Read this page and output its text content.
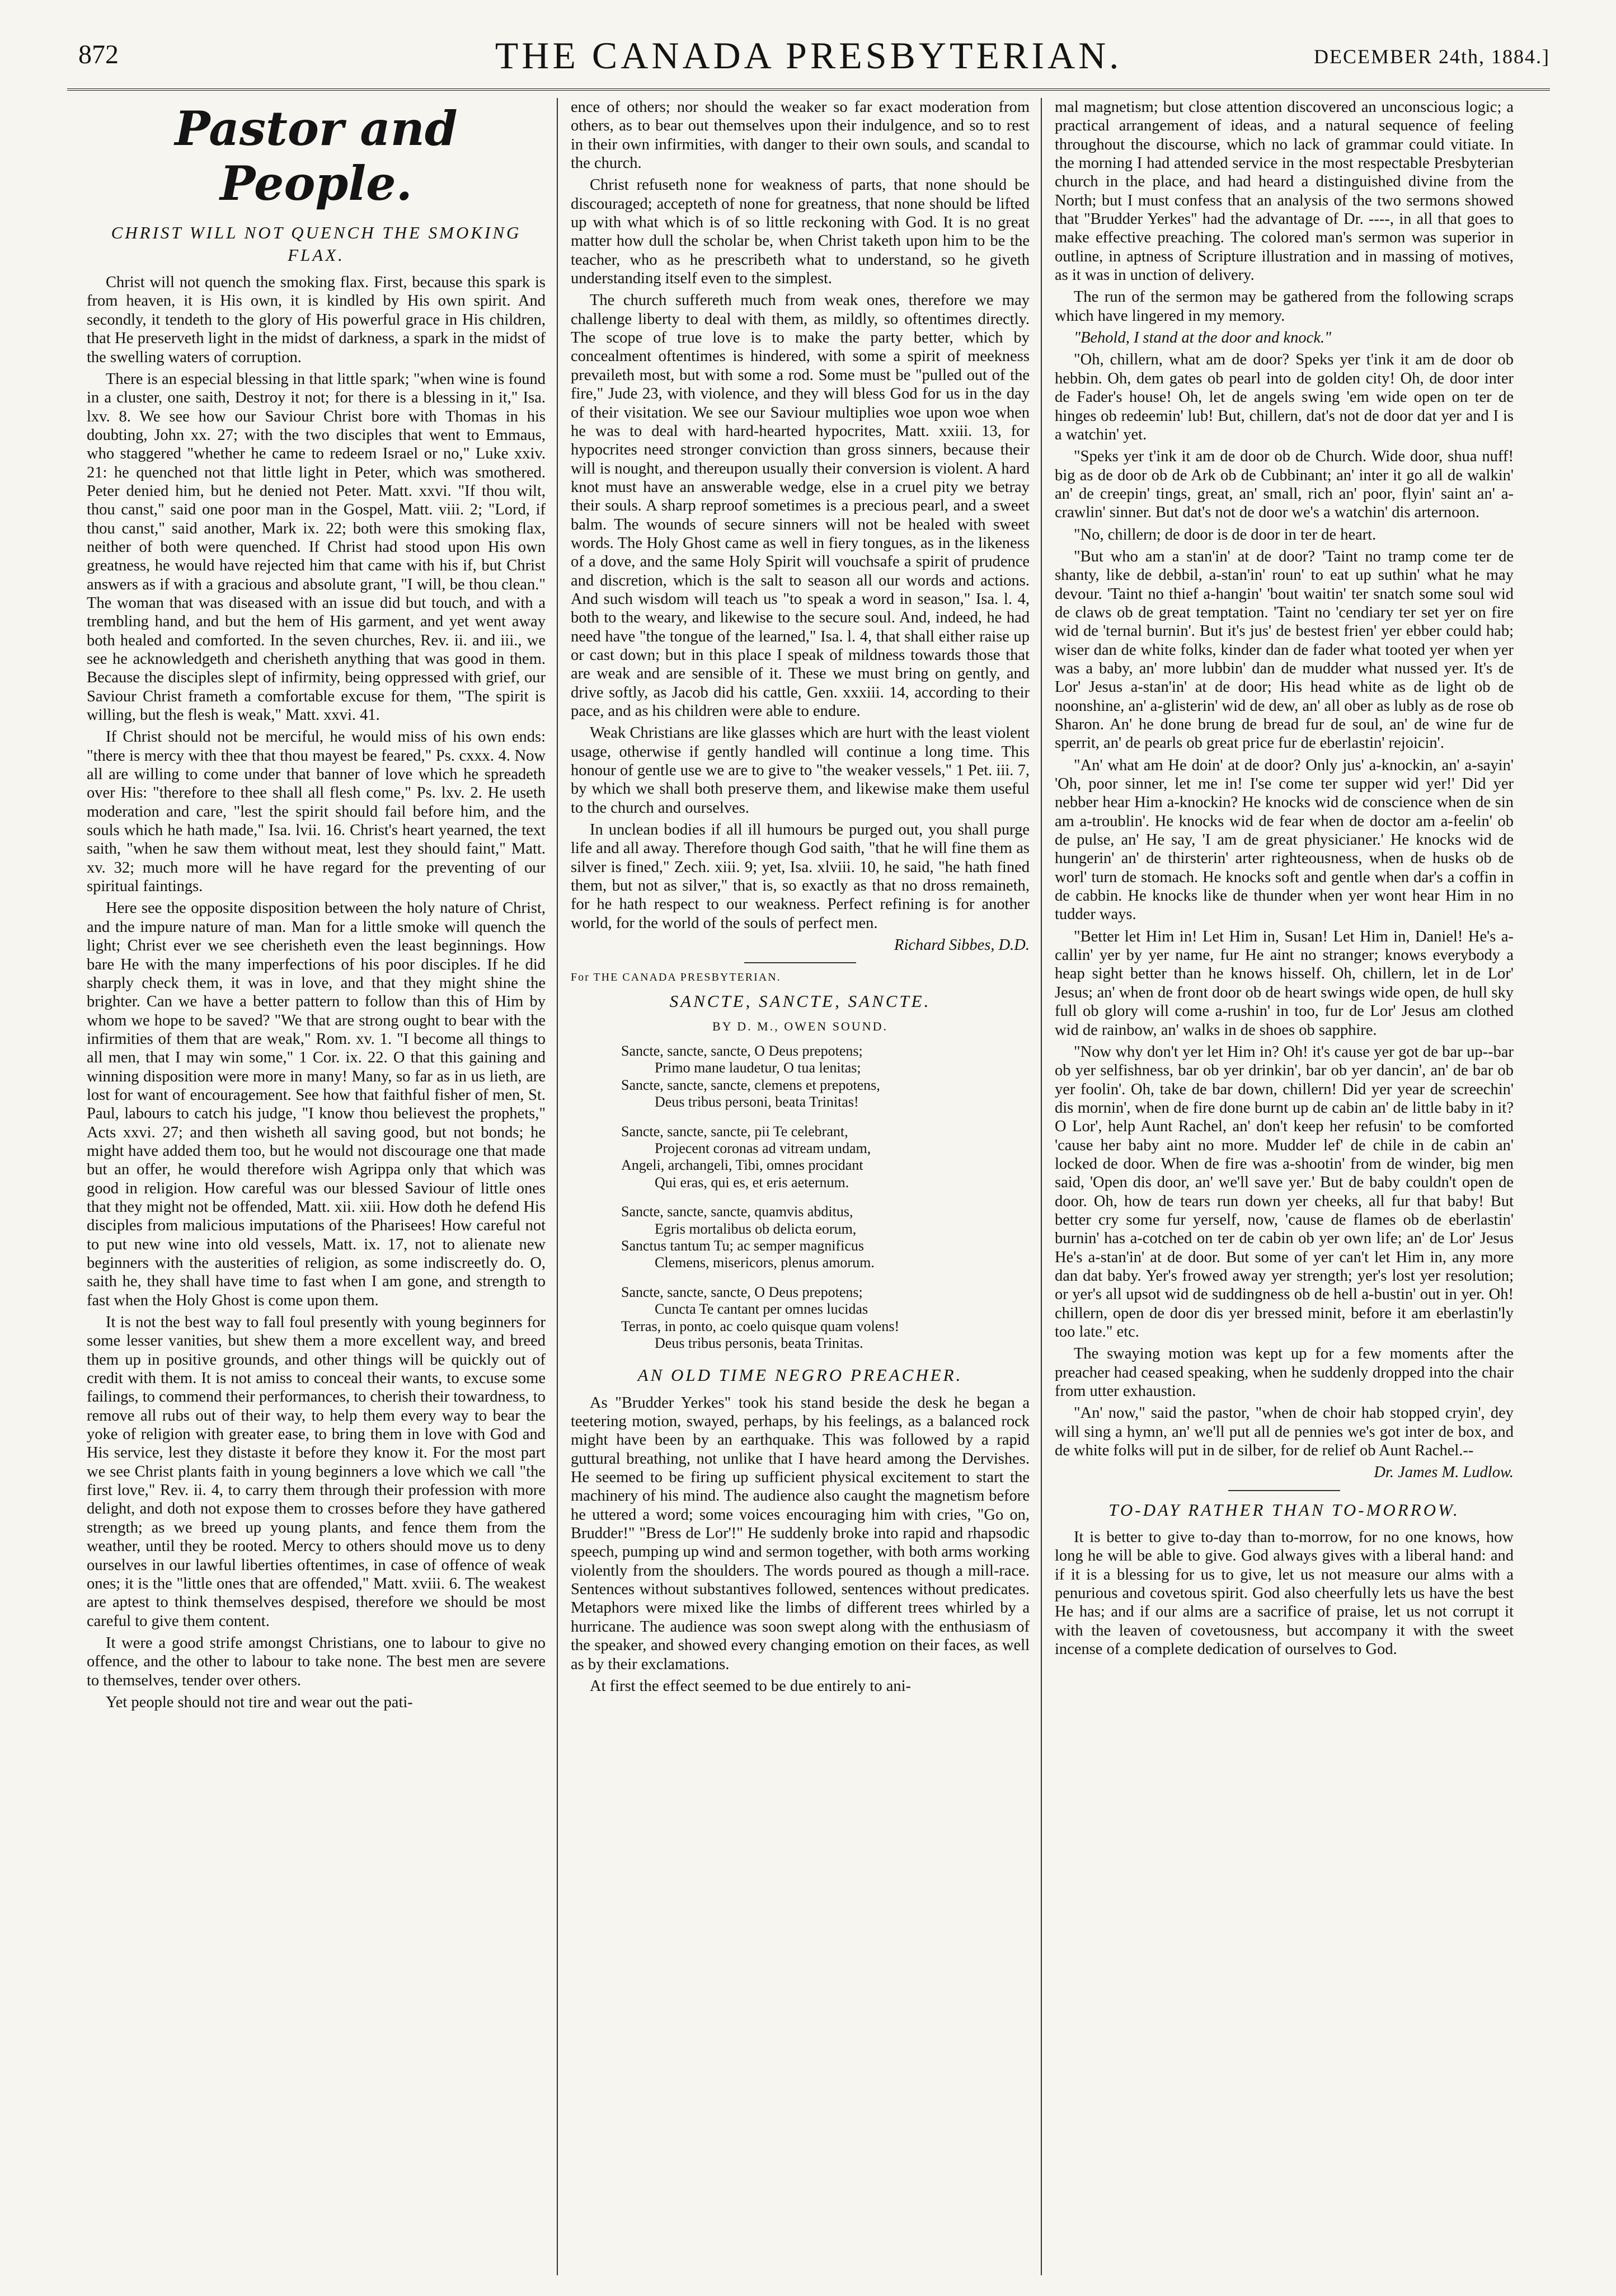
872	THE CANADA PRESBYTERIAN.	DECEMBER 24th, 1884.]
Pastor and People.
CHRIST WILL NOT QUENCH THE SMOKING FLAX.

Christ will not quench the smoking flax. First, because this spark is from heaven, it is His own, it is kindled by His own spirit. And secondly, it tendeth to the glory of His powerful grace in His children, that He preserveth light in the midst of darkness, a spark in the midst of the swelling waters of corruption.

There is an especial blessing in that little spark; "when wine is found in a cluster, one saith, Destroy it not; for there is a blessing in it," Isa. lxv. 8. We see how our Saviour Christ bore with Thomas in his doubting, John xx. 27; with the two disciples that went to Emmaus, who staggered "whether he came to redeem Israel or no," Luke xxiv. 21: he quenched not that little light in Peter, which was smothered. Peter denied him, but he denied not Peter. Matt. xxvi. "If thou wilt, thou canst," said one poor man in the Gospel, Matt. viii. 2; "Lord, if thou canst," said another, Mark ix. 22; both were this smoking flax, neither of both were quenched. If Christ had stood upon His own greatness, he would have rejected him that came with his if, but Christ answers as if with a gracious and absolute grant, "I will, be thou clean." The woman that was diseased with an issue did but touch, and with a trembling hand, and but the hem of His garment, and yet went away both healed and comforted. In the seven churches, Rev. ii. and iii., we see he acknowledgeth and cherisheth anything that was good in them. Because the disciples slept of infirmity, being oppressed with grief, our Saviour Christ frameth a comfortable excuse for them, "The spirit is willing, but the flesh is weak," Matt. xxvi. 41.

If Christ should not be merciful, he would miss of his own ends: "there is mercy with thee that thou mayest be feared," Ps. cxxx. 4. Now all are willing to come under that banner of love which he spreadeth over His: "therefore to thee shall all flesh come," Ps. lxv. 2. He useth moderation and care, "lest the spirit should fail before him, and the souls which he hath made," Isa. lvii. 16. Christ's heart yearned, the text saith, "when he saw them without meat, lest they should faint," Matt. xv. 32; much more will he have regard for the preventing of our spiritual faintings.

Here see the opposite disposition between the holy nature of Christ, and the impure nature of man. Man for a little smoke will quench the light; Christ ever we see cherisheth even the least beginnings. How bare He with the many imperfections of his poor disciples. If he did sharply check them, it was in love, and that they might shine the brighter. Can we have a better pattern to follow than this of Him by whom we hope to be saved? "We that are strong ought to bear with the infirmities of them that are weak," Rom. xv. 1. "I become all things to all men, that I may win some," 1 Cor. ix. 22. O that this gaining and winning disposition were more in many! Many, so far as in us lieth, are lost for want of encouragement. See how that faithful fisher of men, St. Paul, labours to catch his judge, "I know thou believest the prophets," Acts xxvi. 27; and then wisheth all saving good, but not bonds; he might have added them too, but he would not discourage one that made but an offer, he would therefore wish Agrippa only that which was good in religion. How careful was our blessed Saviour of little ones that they might not be offended, Matt. xii. xiii. How doth he defend His disciples from malicious imputations of the Pharisees! How careful not to put new wine into old vessels, Matt. ix. 17, not to alienate new beginners with the austerities of religion, as some indiscreetly do. O, saith he, they shall have time to fast when I am gone, and strength to fast when the Holy Ghost is come upon them.

It is not the best way to fall foul presently with young beginners for some lesser vanities, but shew them a more excellent way, and breed them up in positive grounds, and other things will be quickly out of credit with them. It is not amiss to conceal their wants, to excuse some failings, to commend their performances, to cherish their towardness, to remove all rubs out of their way, to help them every way to bear the yoke of religion with greater ease, to bring them in love with God and His service, lest they distaste it before they know it. For the most part we see Christ plants faith in young beginners a love which we call "the first love," Rev. ii. 4, to carry them through their profession with more delight, and doth not expose them to crosses before they have gathered strength; as we breed up young plants, and fence them from the weather, until they be rooted. Mercy to others should move us to deny ourselves in our lawful liberties oftentimes, in case of offence of weak ones; it is the "little ones that are offended," Matt. xviii. 6. The weakest are aptest to think themselves despised, therefore we should be most careful to give them content.

It were a good strife amongst Christians, one to labour to give no offence, and the other to labour to take none. The best men are severe to themselves, tender over others.

Yet people should not tire and wear out the pati-

ence of others; nor should the weaker so far exact moderation from others, as to bear out themselves upon their indulgence, and so to rest in their own infirmities, with danger to their own souls, and scandal to the church.

Christ refuseth none for weakness of parts, that none should be discouraged; accepteth of none for greatness, that none should be lifted up with what which is of so little reckoning with God. It is no great matter how dull the scholar be, when Christ taketh upon him to be the teacher, who as he prescribeth what to understand, so he giveth understanding itself even to the simplest.

The church suffereth much from weak ones, therefore we may challenge liberty to deal with them, as mildly, so oftentimes directly. The scope of true love is to make the party better, which by concealment oftentimes is hindered, with some a spirit of meekness prevaileth most, but with some a rod. Some must be "pulled out of the fire," Jude 23, with violence, and they will bless God for us in the day of their visitation. We see our Saviour multiplies woe upon woe when he was to deal with hard-hearted hypocrites, Matt. xxiii. 13, for hypocrites need stronger conviction than gross sinners, because their will is nought, and thereupon usually their conversion is violent. A hard knot must have an answerable wedge, else in a cruel pity we betray their souls. A sharp reproof sometimes is a precious pearl, and a sweet balm. The wounds of secure sinners will not be healed with sweet words. The Holy Ghost came as well in fiery tongues, as in the likeness of a dove, and the same Holy Spirit will vouchsafe a spirit of prudence and discretion, which is the salt to season all our words and actions. And such wisdom will teach us "to speak a word in season," Isa. l. 4, both to the weary, and likewise to the secure soul. And, indeed, he had need have "the tongue of the learned," Isa. l. 4, that shall either raise up or cast down; but in this place I speak of mildness towards those that are weak and are sensible of it. These we must bring on gently, and drive softly, as Jacob did his cattle, Gen. xxxiii. 14, according to their pace, and as his children were able to endure.

Weak Christians are like glasses which are hurt with the least violent usage, otherwise if gently handled will continue a long time. This honour of gentle use we are to give to "the weaker vessels," 1 Pet. iii. 7, by which we shall both preserve them, and likewise make them useful to the church and ourselves.

In unclean bodies if all ill humours be purged out, you shall purge life and all away. Therefore though God saith, "that he will fine them as silver is fined," Zech. xiii. 9; yet, Isa. xlviii. 10, he said, "he hath fined them, but not as silver," that is, so exactly as that no dross remaineth, for he hath respect to our weakness. Perfect refining is for another world, for the world of the souls of perfect men.

Richard Sibbes, D.D.
For THE CANADA PRESBYTERIAN.
SANCTE, SANCTE, SANCTE.
BY D. M., OWEN SOUND.
Sancte, sancte, sancte, O Deus prepotens;
Primo mane laudetur, O tua lenitas;
Sancte, sancte, sancte, clemens et prepotens,
Deus tribus personi, beata Trinitas!
Sancte, sancte, sancte, pii Te celebrant,
Projecent coronas ad vitream undam,
Angeli, archangeli, Tibi, omnes procidant
Qui eras, qui es, et eris aeternum.
Sancte, sancte, sancte, quamvis abditus,
Egris mortalibus ob delicta eorum,
Sanctus tantum Tu; ac semper magnificus
Clemens, misericors, plenus amorum.
Sancte, sancte, sancte, O Deus prepotens;
Cuncta Te cantant per omnes lucidas
Terras, in ponto, ac coelo quisque quam volens!
Deus tribus personis, beata Trinitas.
AN OLD TIME NEGRO PREACHER.

As "Brudder Yerkes" took his stand beside the desk he began a teetering motion, swayed, perhaps, by his feelings, as a balanced rock might have been by an earthquake. This was followed by a rapid guttural breathing, not unlike that I have heard among the Dervishes. He seemed to be firing up sufficient physical excitement to start the machinery of his mind. The audience also caught the magnetism before he uttered a word; some voices encouraging him with cries, "Go on, Brudder!" "Bress de Lor'!" He suddenly broke into rapid and rhapsodic speech, pumping up wind and sermon together, with both arms working violently from the shoulders. The words poured as though a mill-race. Sentences without substantives followed, sentences without predicates. Metaphors were mixed like the limbs of different trees whirled by a hurricane. The audience was soon swept along with the enthusiasm of the speaker, and showed every changing emotion on their faces, as well as by their exclamations.

At first the effect seemed to be due entirely to ani-

mal magnetism; but close attention discovered an unconscious logic; a practical arrangement of ideas, and a natural sequence of feeling throughout the discourse, which no lack of grammar could vitiate. In the morning I had attended service in the most respectable Presbyterian church in the place, and had heard a distinguished divine from the North; but I must confess that an analysis of the two sermons showed that "Brudder Yerkes" had the advantage of Dr. ----, in all that goes to make effective preaching. The colored man's sermon was superior in outline, in aptness of Scripture illustration and in massing of motives, as it was in unction of delivery.

The run of the sermon may be gathered from the following scraps which have lingered in my memory.

"Behold, I stand at the door and knock."

"Oh, chillern, what am de door? Speks yer t'ink it am de door ob hebbin. Oh, dem gates ob pearl into de golden city! Oh, de door inter de Fader's house! Oh, let de angels swing 'em wide open on ter de hinges ob redeemin' lub! But, chillern, dat's not de door dat yer and I is a watchin' yet.

"Speks yer t'ink it am de door ob de Church. Wide door, shua nuff! big as de door ob de Ark ob de Cubbinant; an' inter it go all de walkin' an' de creepin' tings, great, an' small, rich an' poor, flyin' saint an' a-crawlin' sinner. But dat's not de door we's a watchin' dis arternoon.

"No, chillern; de door is de door in ter de heart.

"But who am a stan'in' at de door? 'Taint no tramp come ter de shanty, like de debbil, a-stan'in' roun' to eat up suthin' what he may devour. 'Taint no thief a-hangin' 'bout waitin' ter snatch some soul wid de claws ob de great temptation. 'Taint no 'cendiary ter set yer on fire wid de 'ternal burnin'. But it's jus' de bestest frien' yer ebber could hab; wiser dan de white folks, kinder dan de fader what tooted yer when yer was a baby, an' more lubbin' dan de mudder what nussed yer. It's de Lor' Jesus a-stan'in' at de door; His head white as de light ob de noonshine, an' a-glisterin' wid de dew, an' all ober as lubly as de rose ob Sharon. An' he done brung de bread fur de soul, an' de wine fur de sperrit, an' de pearls ob great price fur de eberlastin' rejoicin'.

"An' what am He doin' at de door? Only jus' a-knockin, an' a-sayin' 'Oh, poor sinner, let me in! I'se come ter supper wid yer!' Did yer nebber hear Him a-knockin? He knocks wid de conscience when de sin am a-troublin'. He knocks wid de fear when de doctor am a-feelin' ob de pulse, an' He say, 'I am de great physicianer.' He knocks wid de hungerin' an' de thirsterin' arter righteousness, when de husks ob de worl' turn de stomach. He knocks soft and gentle when dar's a coffin in de cabbin. He knocks like de thunder when yer wont hear Him in no tudder ways.

"Better let Him in! Let Him in, Susan! Let Him in, Daniel! He's a-callin' yer by yer name, fur He aint no stranger; knows everybody a heap sight better than he knows hisself. Oh, chillern, let in de Lor' Jesus; an' when de front door ob de heart swings wide open, de hull sky full ob glory will come a-rushin' in too, fur de Lor' Jesus am clothed wid de rainbow, an' walks in de shoes ob sapphire.

"Now why don't yer let Him in? Oh! it's cause yer got de bar up--bar ob yer selfishness, bar ob yer drinkin', bar ob yer dancin', an' de bar ob yer foolin'. Oh, take de bar down, chillern! Did yer year de screechin' dis mornin', when de fire done burnt up de cabin an' de little baby in it? O Lor', help Aunt Rachel, an' don't keep her refusin' to be comforted 'cause her baby aint no more. Mudder lef' de chile in de cabin an' locked de door. When de fire was a-shootin' from de winder, big men said, 'Open dis door, an' we'll save yer.' But de baby couldn't open de door. Oh, how de tears run down yer cheeks, all fur that baby! But better cry some fur yerself, now, 'cause de flames ob de eberlastin' burnin' has a-cotched on ter de cabin ob yer own life; an' de Lor' Jesus He's a-stan'in' at de door. But some of yer can't let Him in, any more dan dat baby. Yer's frowed away yer strength; yer's lost yer resolution; or yer's all upsot wid de suddingness ob de hell a-bustin' out in yer. Oh! chillern, open de door dis yer bressed minit, before it am eberlastin'ly too late." etc.

The swaying motion was kept up for a few moments after the preacher had ceased speaking, when he suddenly dropped into the chair from utter exhaustion.

"An' now," said the pastor, "when de choir hab stopped cryin', dey will sing a hymn, an' we'll put all de pennies we's got inter de box, and de white folks will put in de silber, for de relief ob Aunt Rachel.--

Dr. James M. Ludlow.
TO-DAY RATHER THAN TO-MORROW.

It is better to give to-day than to-morrow, for no one knows, how long he will be able to give. God always gives with a liberal hand: and if it is a blessing for us to give, let us not measure our alms with a penurious and covetous spirit. God also cheerfully lets us have the best He has; and if our alms are a sacrifice of praise, let us not corrupt it with the leaven of covetousness, but accompany it with the sweet incense of a complete dedication of ourselves to God.
